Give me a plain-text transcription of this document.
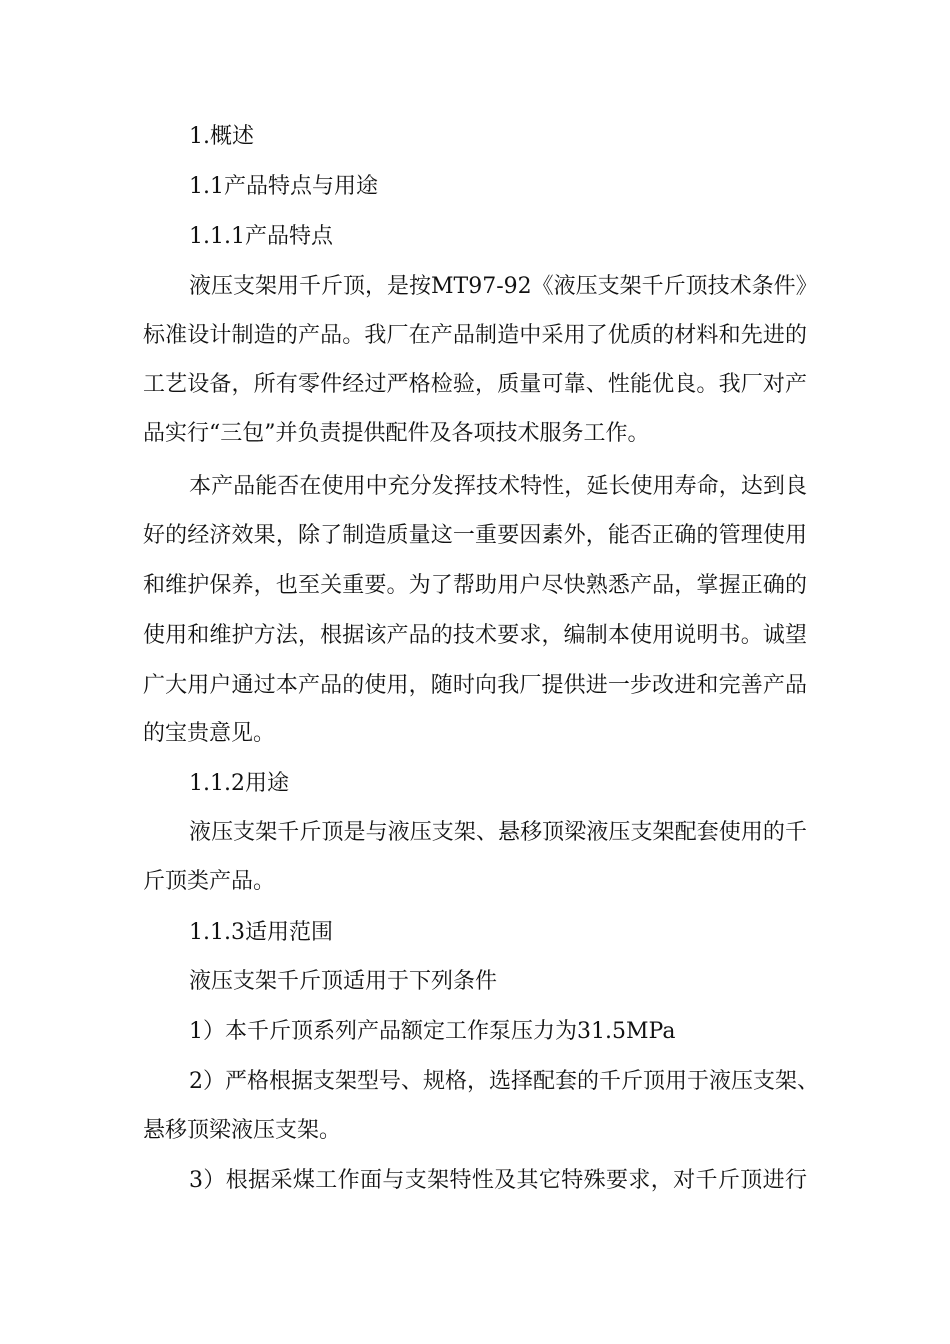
1.概述
1.1产品特点与用途
1.1.1产品特点
液压支架用千斤顶，是按MT97-92《液压支架千斤顶技术条件》
标准设计制造的产品。我厂在产品制造中采用了优质的材料和先进的
工艺设备，所有零件经过严格检验，质量可靠、性能优良。我厂对产
品实行“三包”并负责提供配件及各项技术服务工作。
本产品能否在使用中充分发挥技术特性，延长使用寿命，达到良
好的经济效果，除了制造质量这一重要因素外，能否正确的管理使用
和维护保养，也至关重要。为了帮助用户尽快熟悉产品，掌握正确的
使用和维护方法，根据该产品的技术要求，编制本使用说明书。诚望
广大用户通过本产品的使用，随时向我厂提供进一步改进和完善产品
的宝贵意见。
1.1.2用途
液压支架千斤顶是与液压支架、悬移顶梁液压支架配套使用的千
斤顶类产品。
1.1.3适用范围
液压支架千斤顶适用于下列条件
1）本千斤顶系列产品额定工作泵压力为31.5MPa
2）严格根据支架型号、规格，选择配套的千斤顶用于液压支架、
悬移顶梁液压支架。
3）根据采煤工作面与支架特性及其它特殊要求，对千斤顶进行
